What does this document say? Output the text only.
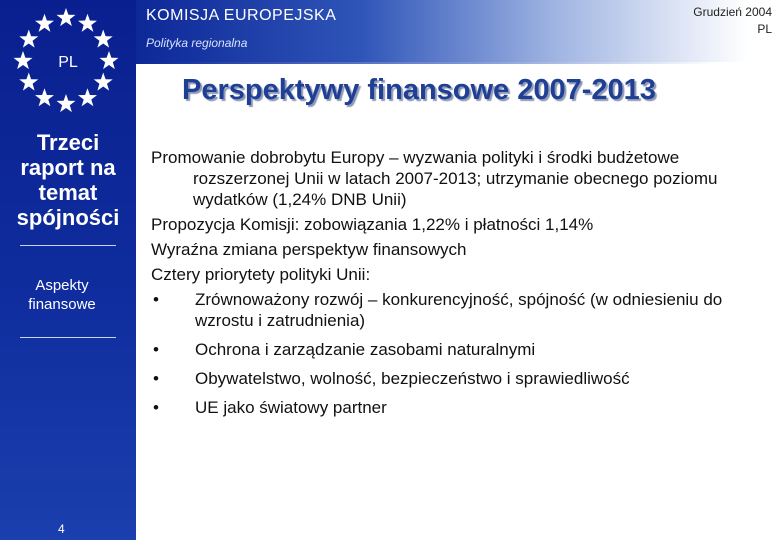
KOMISJA EUROPEJSKA
Polityka regionalna
Grudzień 2004
PL
PL
Trzeci
raport na
temat
spójności
Aspekty
finansowe
4
Perspektywy finansowe 2007-2013

Promowanie dobrobytu Europy – wyzwania polityki i środki budżetowe rozszerzonej Unii w latach 2007-2013; utrzymanie obecnego poziomu wydatków (1,24% DNB Unii)

Propozycja Komisji: zobowiązania 1,22% i płatności 1,14%

Wyraźna zmiana perspektyw finansowych

Cztery priorytety polityki Unii:

•	Zrównoważony rozwój – konkurencyjność, spójność (w odniesieniu do wzrostu i zatrudnienia)
•	Ochrona i zarządzanie zasobami naturalnymi
•	Obywatelstwo, wolność, bezpieczeństwo i sprawiedliwość
•	UE jako światowy partner
